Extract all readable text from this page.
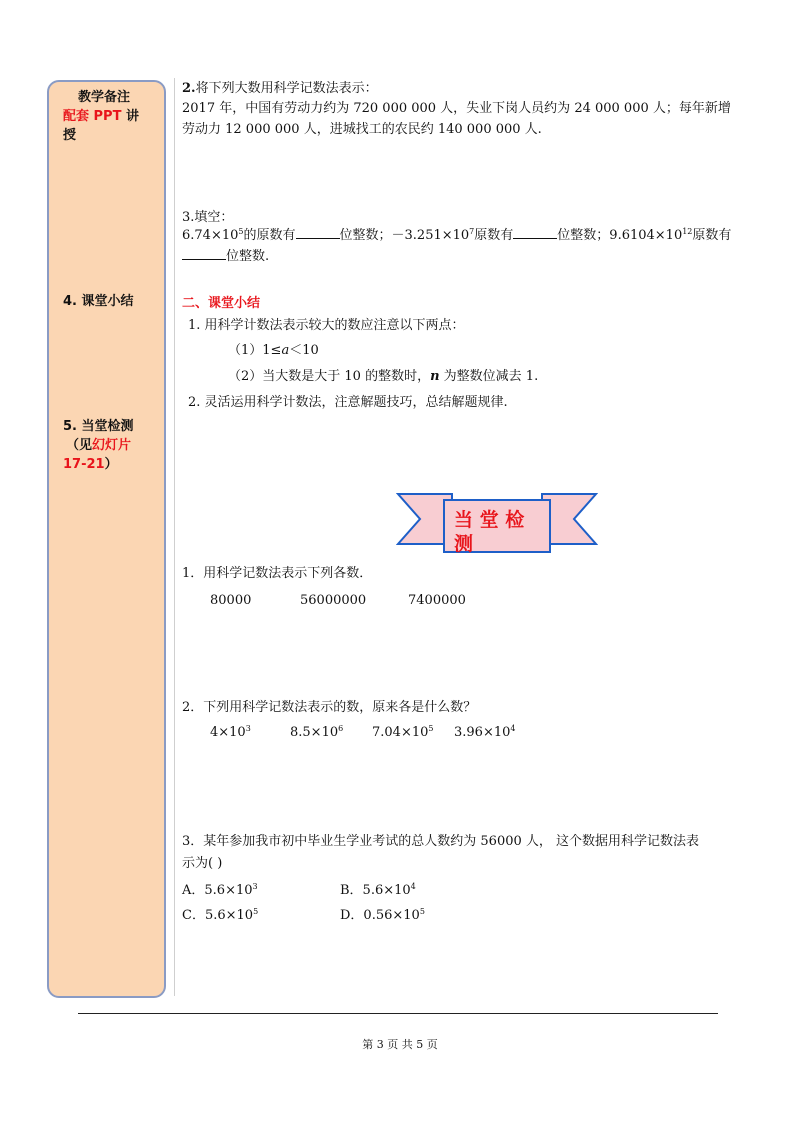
教学备注
配套 PPT 讲
授
4. 课堂小结
5. 当堂检测
（见幻灯片
17-21）
2.将下列大数用科学记数法表示：
2017 年，中国有劳动力约为 720 000 000 人，失业下岗人员约为 24 000 000 人；每年新增
劳动力 12 000 000 人，进城找工的农民约 140 000 000 人.
3.填空：
$6.74\times 10^5$的原数有	位整数；$-3.251\times 10^7$原数有	位整数；$9.6104\times 10^{12}$原数有
位整数.
二、课堂小结
1. 用科学计数法表示较大的数应注意以下两点：
（1）1≤a＜10
（2）当大数是大于 10 的整数时，n 为整数位减去 1.
2. 灵活运用科学计数法，注意解题技巧，总结解题规律.
当 堂 检
测
1．用科学记数法表示下列各数．
80000	56000000	7400000
2．下列用科学记数法表示的数，原来各是什么数？
$4\times 10^3$	$8.5\times 10^6$ $7.04\times 10^5$ $3.96\times 10^4$
3．某年参加我市初中毕业生学业考试的总人数约为 56000 人， 这个数据用科学记数法表
示为( )
A．$5.6\times 10^3$	B．$5.6\times 10^4$
C．$5.6\times 10^5$	D．$0.56\times 10^5$
第 3 页 共 5 页
